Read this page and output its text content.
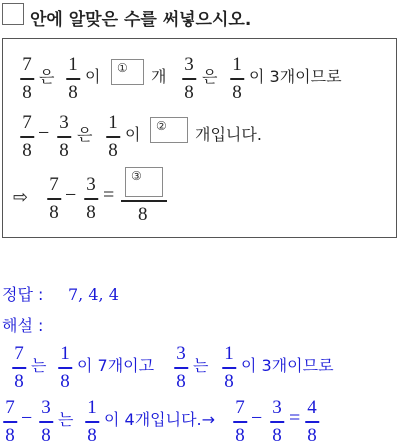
안에 알맞은 수를 써넣으시오.
7
8
은
1
8
이	①	개
3
8
은
1
8
이 3개이므로
7
8
− 3
8
은
1
8
이	②	개입니다.
⇨
7
8
− 3
8
=
③
8
정답 : 7, 4, 4
해설 :
7
8
는
1
8
이 7개이고
3
8
는
1
8
이 3개이므로
7
8
− 3
8
는
1
8
이 4개입니다.→
7
8
− 3
8
= 4
8
